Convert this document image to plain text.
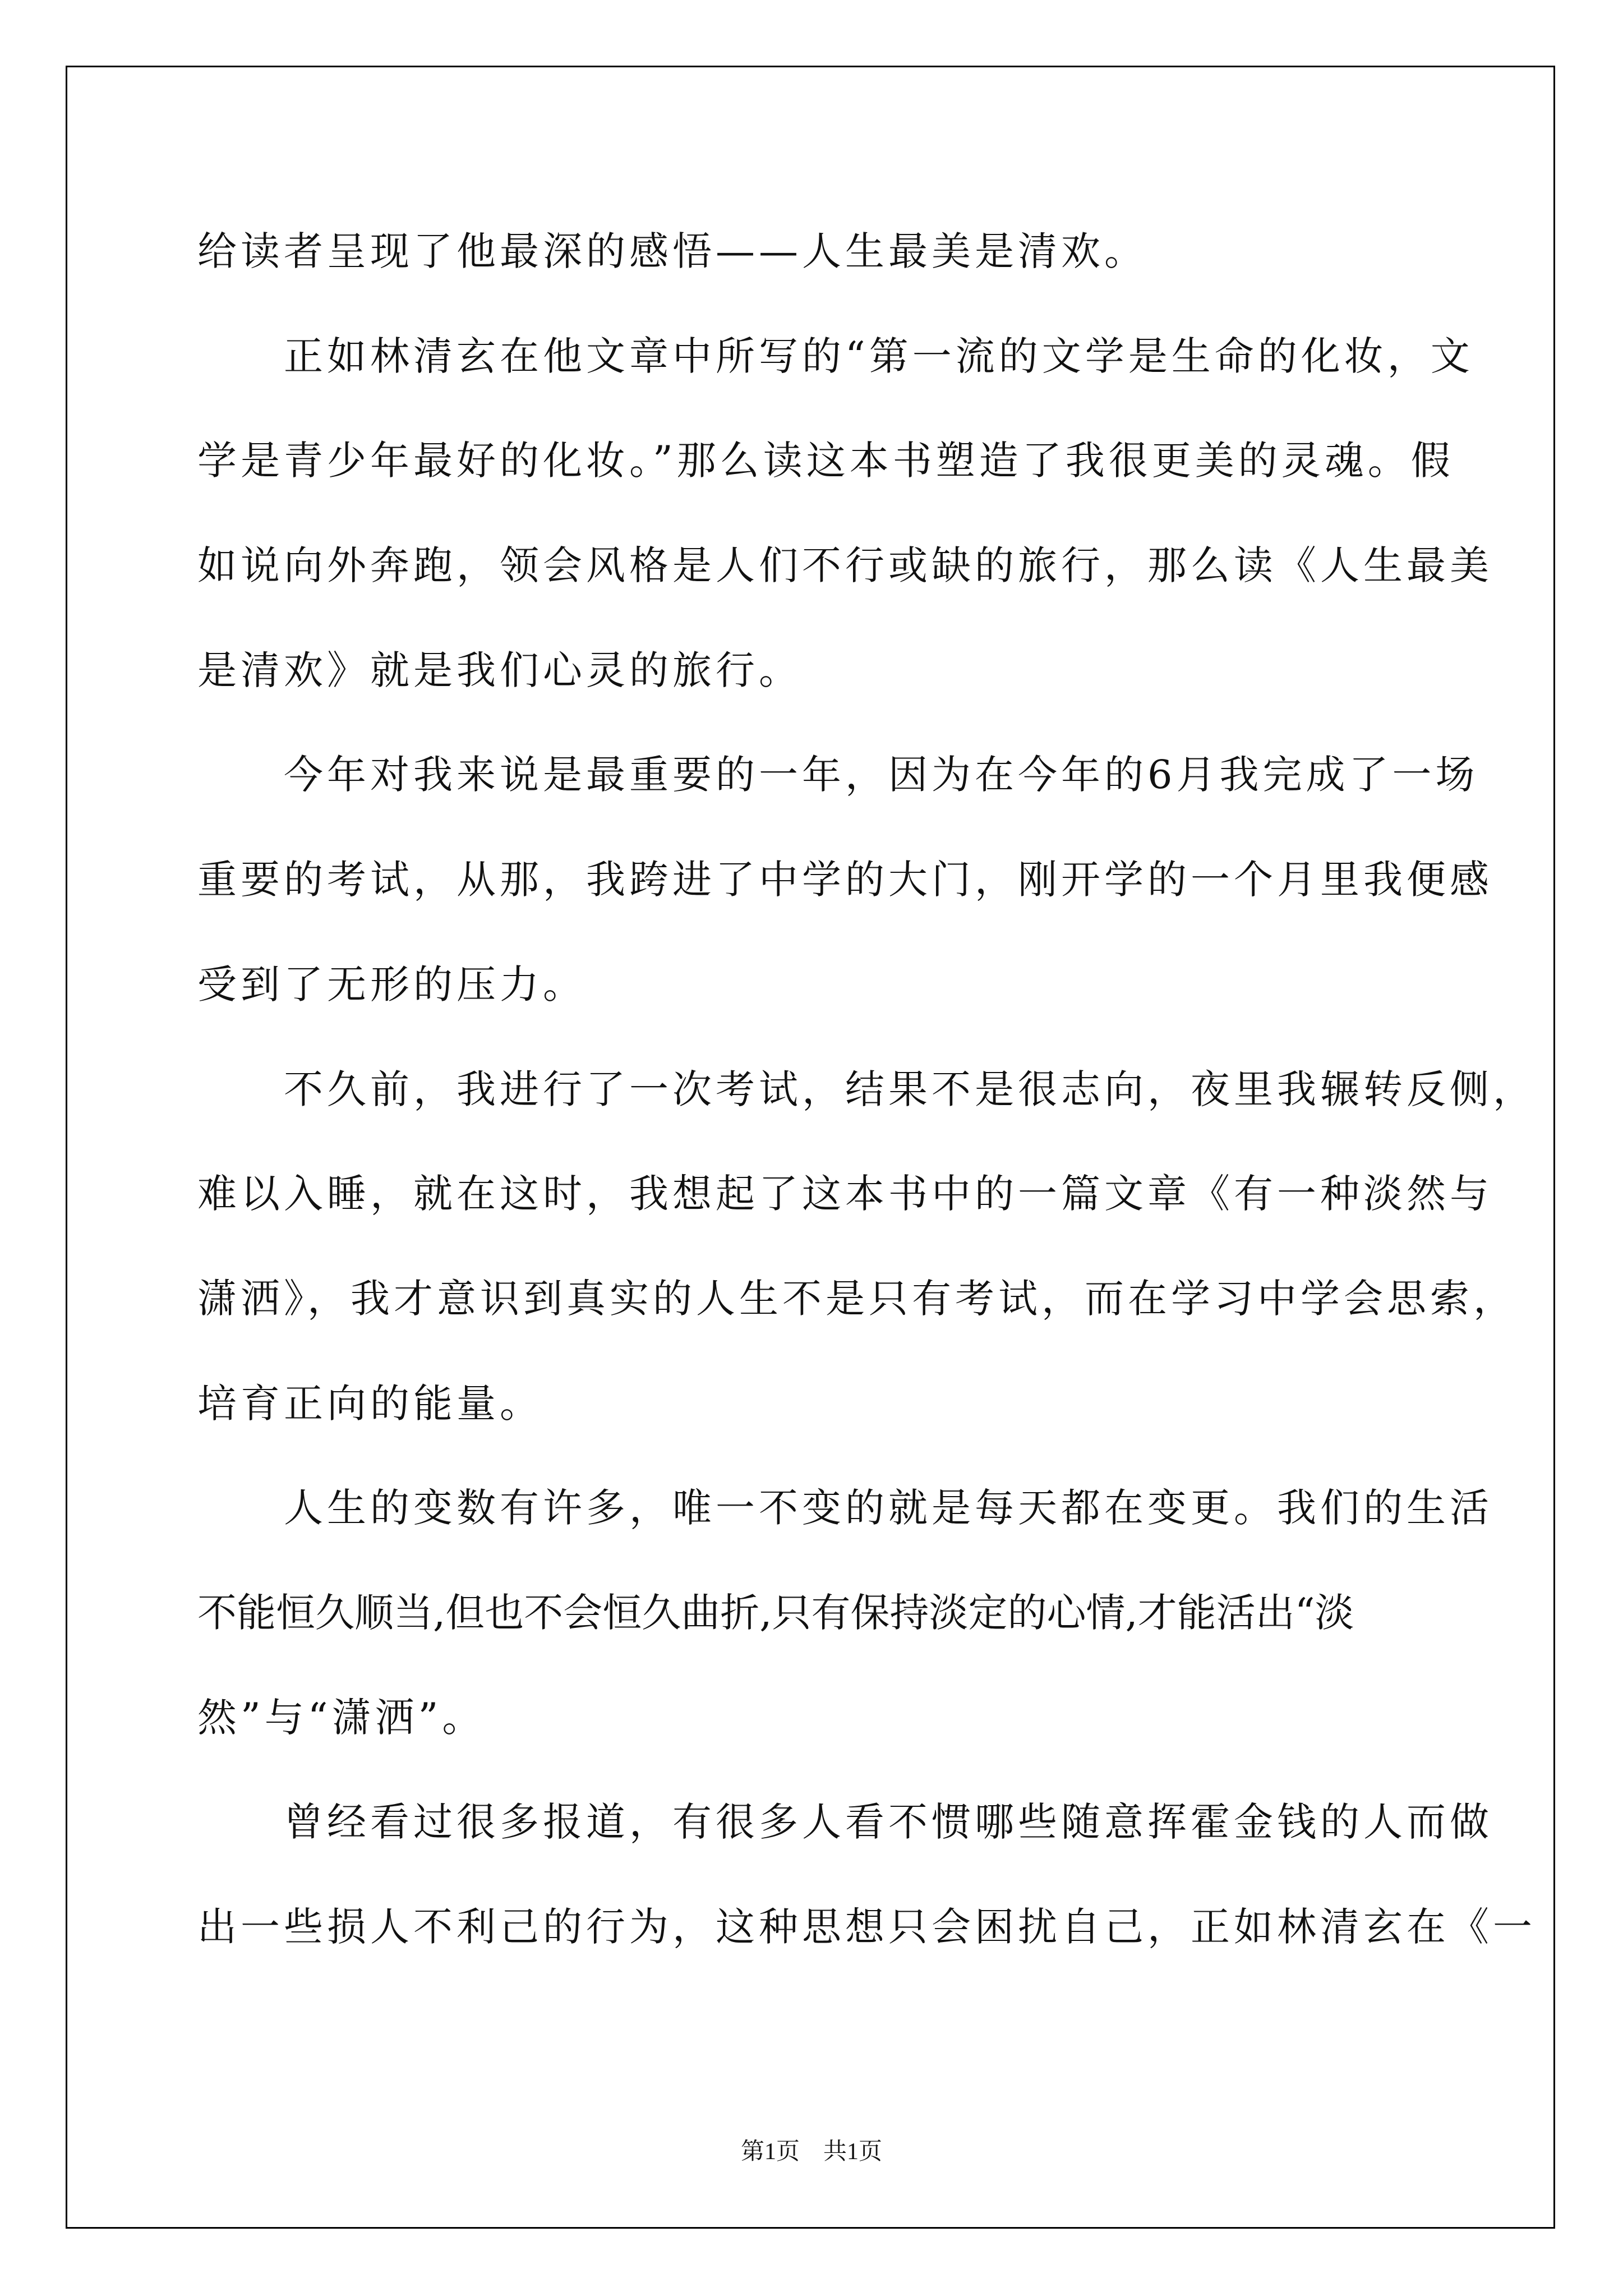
给读者呈现了他最深的感悟——人生最美是清欢。
　　正如林清玄在他文章中所写的“第一流的文学是生命的化妆，文
学是青少年最好的化妆。”那么读这本书塑造了我很更美的灵魂。假
如说向外奔跑，领会风格是人们不行或缺的旅行，那么读《人生最美
是清欢》就是我们心灵的旅行。
　　今年对我来说是最重要的一年，因为在今年的6月我完成了一场
重要的考试，从那，我跨进了中学的大门，刚开学的一个月里我便感
受到了无形的压力。
　　不久前，我进行了一次考试，结果不是很志向，夜里我辗转反侧，
难以入睡，就在这时，我想起了这本书中的一篇文章《有一种淡然与
潇洒》，我才意识到真实的人生不是只有考试，而在学习中学会思索，
培育正向的能量。
　　人生的变数有许多，唯一不变的就是每天都在变更。我们的生活
不能恒久顺当,但也不会恒久曲折,只有保持淡定的心情,才能活出“淡
然”与“潇洒”。
　　曾经看过很多报道，有很多人看不惯哪些随意挥霍金钱的人而做
出一些损人不利己的行为，这种思想只会困扰自己，正如林清玄在《一
第1页　共1页
